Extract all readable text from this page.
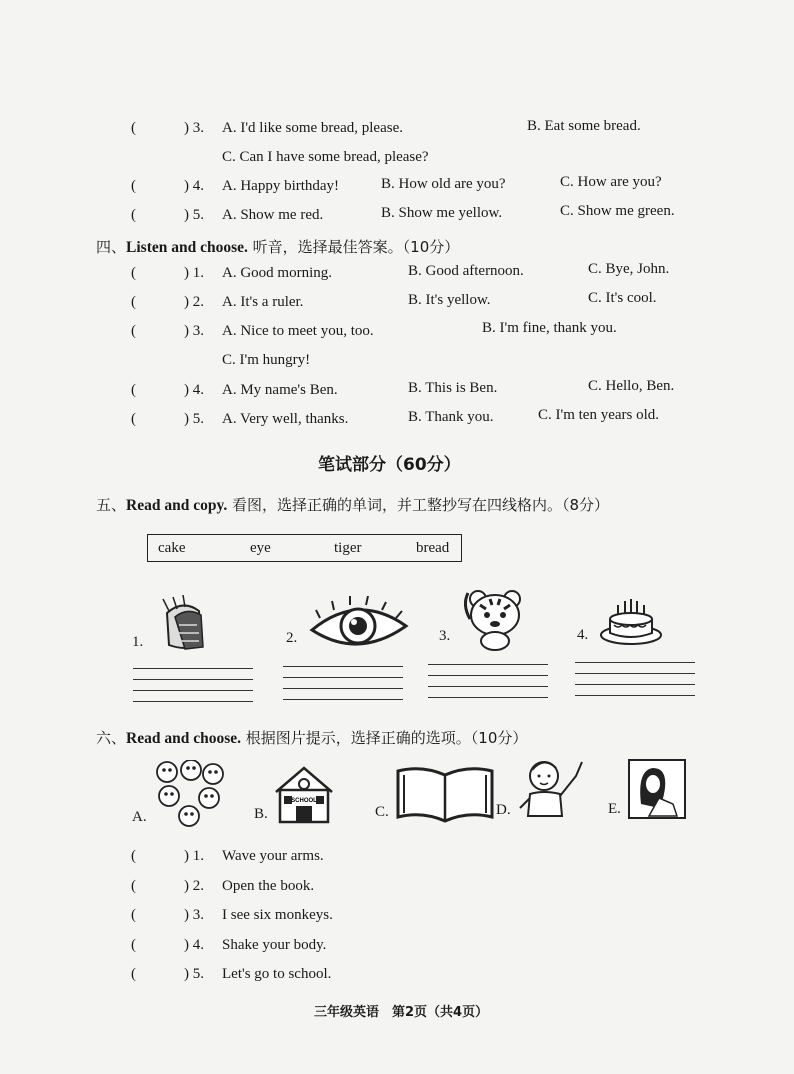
(	) 3. A. I'd like some bread, please.	B. Eat some bread.
C. Can I have some bread, please?
(	) 4. A. Happy birthday!	B. How old are you?	C. How are you?
(	) 5. A. Show me red.	B. Show me yellow.	C. Show me green.
四、Listen and choose. 听音，选择最佳答案。（10分）
(	) 1. A. Good morning.	B. Good afternoon.	C. Bye, John.
(	) 2. A. It's a ruler.	B. It's yellow.	C. It's cool.
(	) 3. A. Nice to meet you, too.	B. I'm fine, thank you.
C. I'm hungry!
(	) 4. A. My name's Ben.	B. This is Ben.	C. Hello, Ben.
(	) 5. A. Very well, thanks.	B. Thank you.	C. I'm ten years old.
笔试部分（60分）
五、Read and copy. 看图，选择正确的单词，并工整抄写在四线格内。（8分）
cake	eye	tiger	bread
1.	2.	3.	4.
六、Read and choose. 根据图片提示，选择正确的选项。（10分）
A.	B.	C.	D.	E.
SCHOOL
(	) 1. Wave your arms.
(	) 2. Open the book.
(	) 3. I see six monkeys.
(	) 4. Shake your body.
(	) 5. Let's go to school.
三年级英语　第2页（共4页）
